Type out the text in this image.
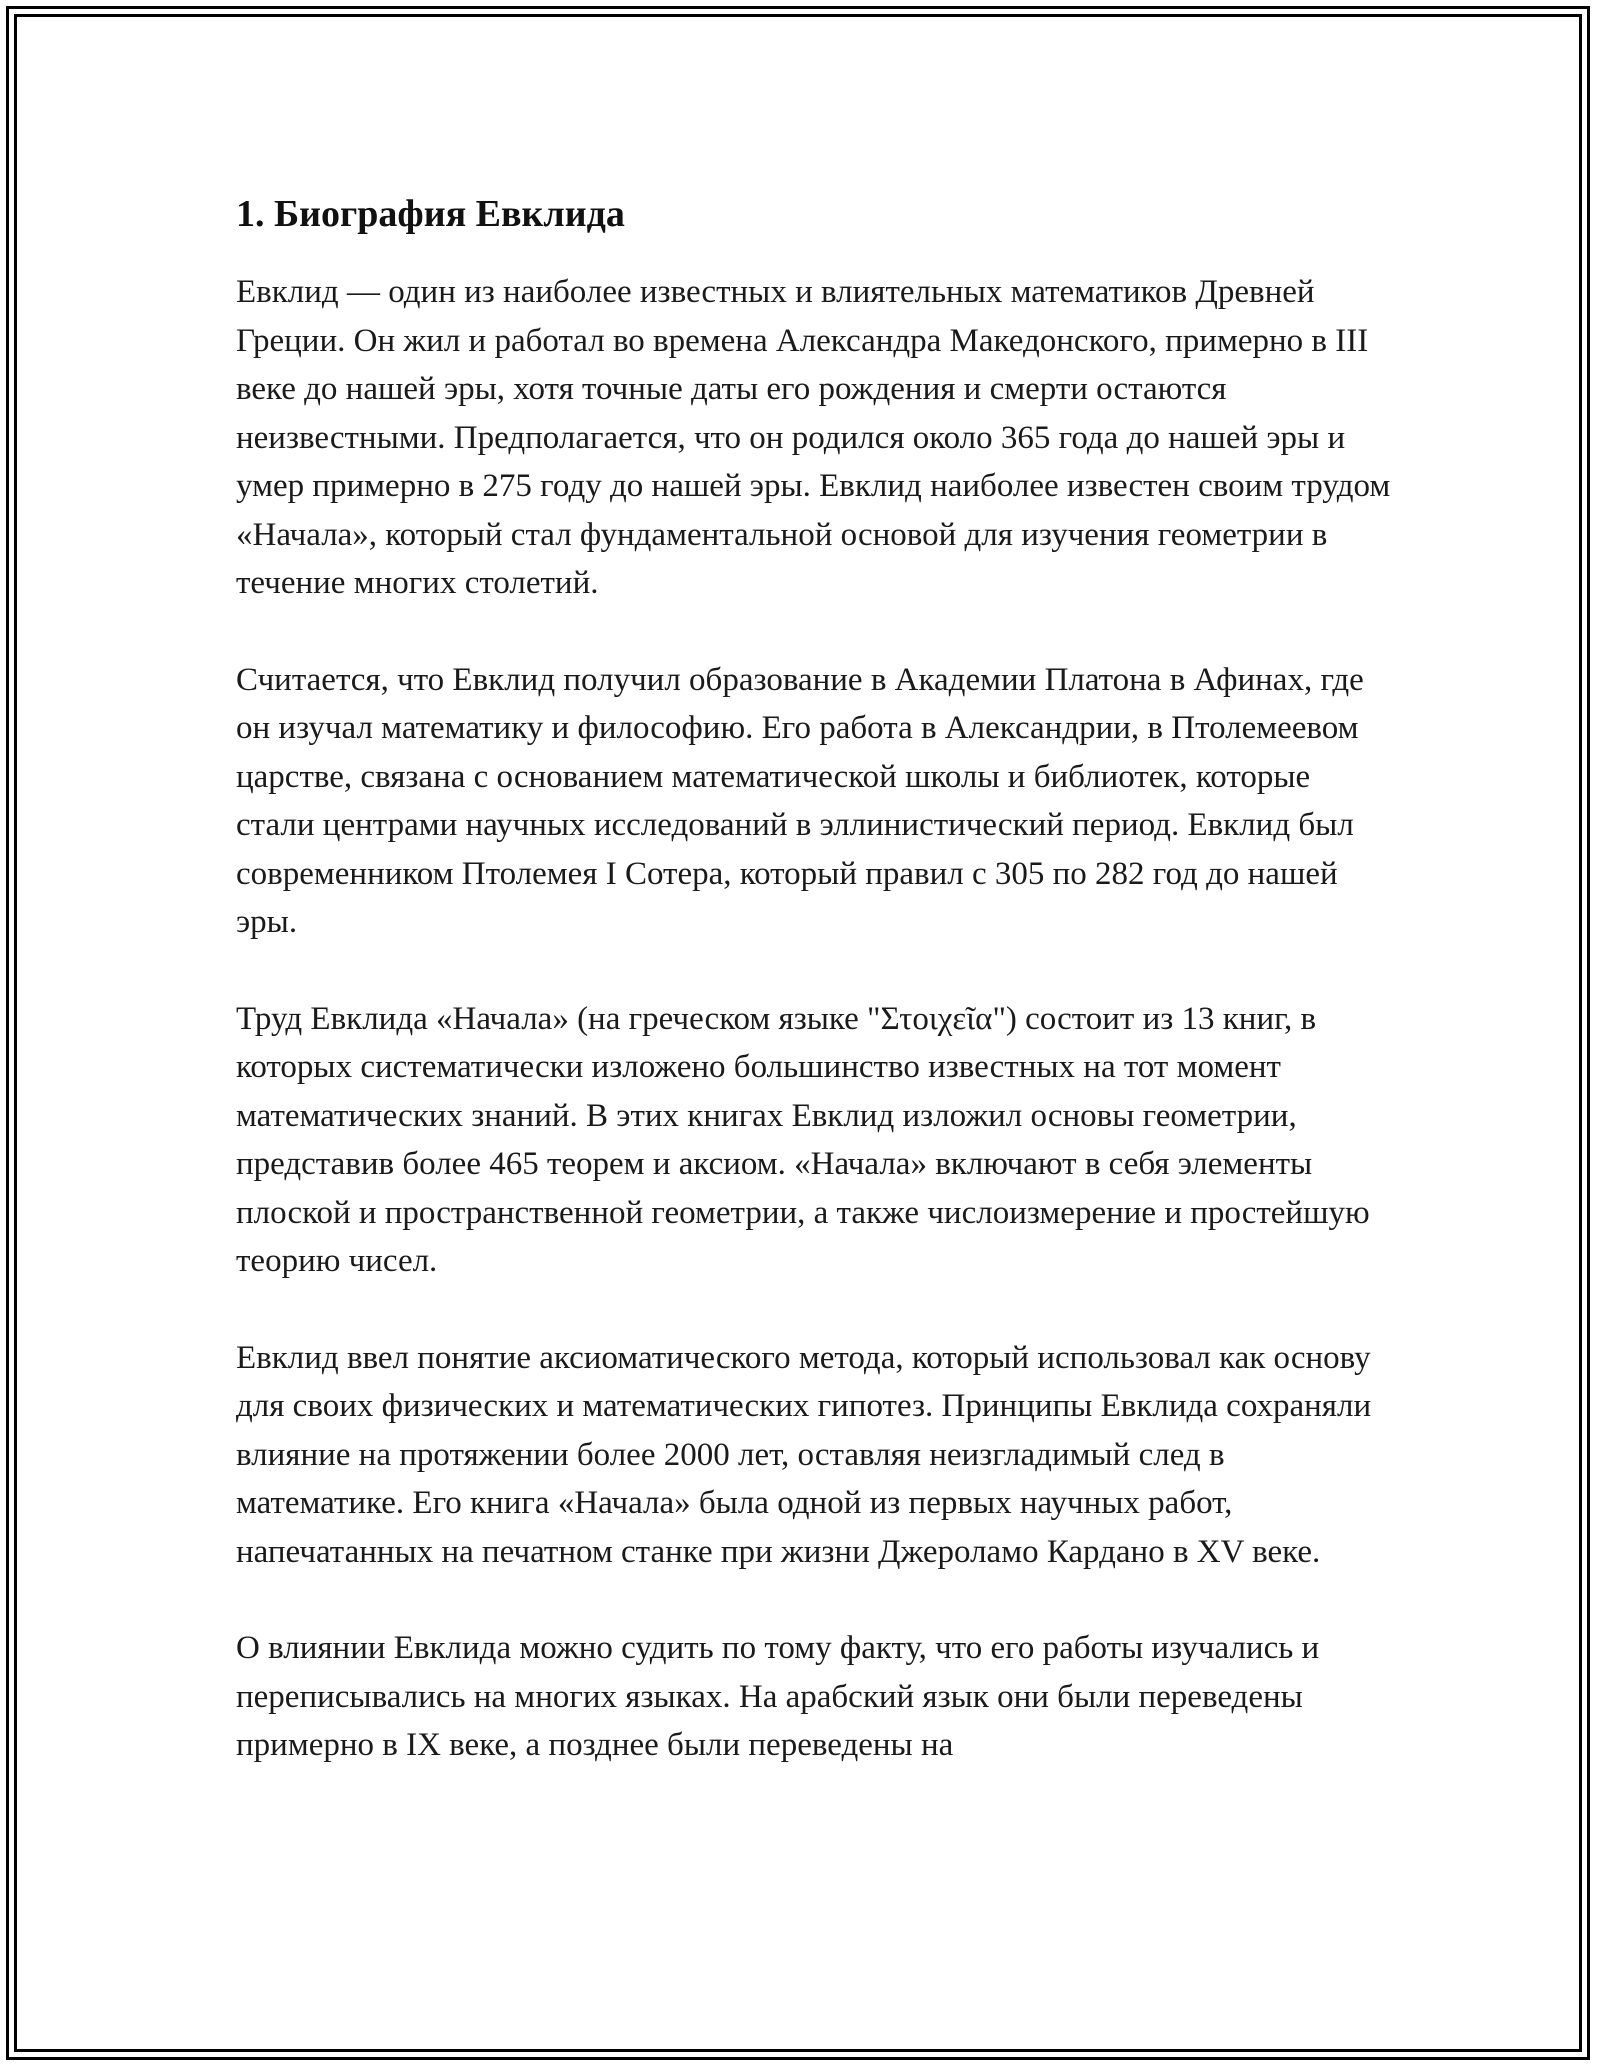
1. Биография Евклида

Евклид — один из наиболее известных и влиятельных математиков Древней Греции. Он жил и работал во времена Александра Македонского, примерно в III веке до нашей эры, хотя точные даты его рождения и смерти остаются неизвестными. Предполагается, что он родился около 365 года до нашей эры и умер примерно в 275 году до нашей эры. Евклид наиболее известен своим трудом «Начала», который стал фундаментальной основой для изучения геометрии в течение многих столетий.

Считается, что Евклид получил образование в Академии Платона в Афинах, где он изучал математику и философию. Его работа в Александрии, в Птолемеевом царстве, связана с основанием математической школы и библиотек, которые стали центрами научных исследований в эллинистический период. Евклид был современником Птолемея I Сотера, который правил с 305 по 282 год до нашей эры.

Труд Евклида «Начала» (на греческом языке "Στοιχεῖα") состоит из 13 книг, в которых систематически изложено большинство известных на тот момент математических знаний. В этих книгах Евклид изложил основы геометрии, представив более 465 теорем и аксиом. «Начала» включают в себя элементы плоской и пространственной геометрии, а также числоизмерение и простейшую теорию чисел.

Евклид ввел понятие аксиоматического метода, который использовал как основу для своих физических и математических гипотез. Принципы Евклида сохраняли влияние на протяжении более 2000 лет, оставляя неизгладимый след в математике. Его книга «Начала» была одной из первых научных работ, напечатанных на печатном станке при жизни Джероламо Кардано в XV веке.

О влиянии Евклида можно судить по тому факту, что его работы изучались и переписывались на многих языках. На арабский язык они были переведены примерно в IX веке, а позднее были переведены на
